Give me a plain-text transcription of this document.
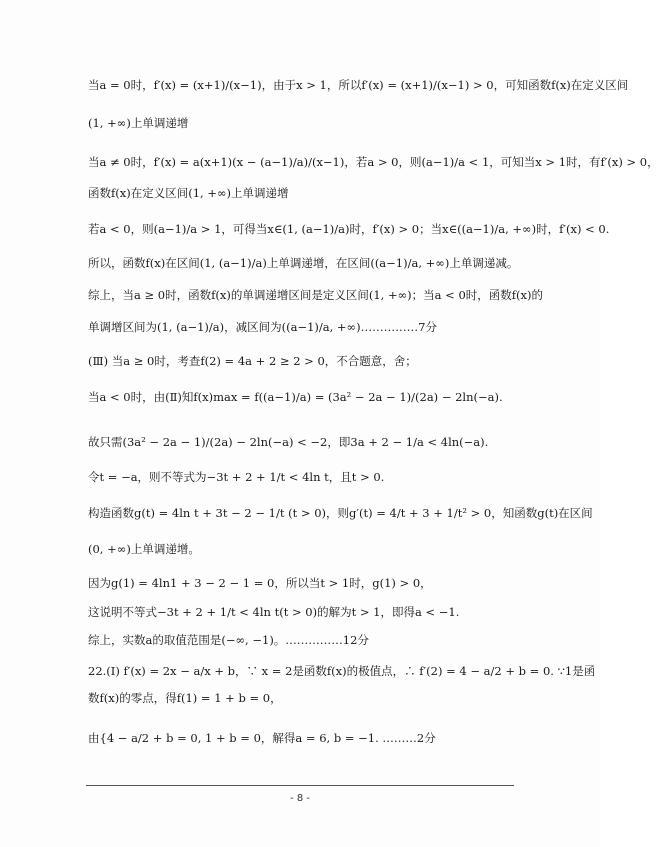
当a = 0时，f′(x) = (x+1)/(x−1)，由于x > 1，所以f′(x) = (x+1)/(x−1) > 0，可知函数f(x)在定义区间
(1, +∞)上单调递增
当a ≠ 0时，f′(x) = a(x+1)(x − (a−1)/a)/(x−1)，若a > 0，则(a−1)/a < 1，可知当x > 1时，有f′(x) > 0，
函数f(x)在定义区间(1, +∞)上单调递增
若a < 0，则(a−1)/a > 1，可得当x∈(1, (a−1)/a)时，f′(x) > 0；当x∈((a−1)/a, +∞)时，f′(x) < 0.
所以，函数f(x)在区间(1, (a−1)/a)上单调递增，在区间((a−1)/a, +∞)上单调递减。
综上，当a ≥ 0时，函数f(x)的单调递增区间是定义区间(1, +∞)；当a < 0时，函数f(x)的
单调增区间为(1, (a−1)/a)，减区间为((a−1)/a, +∞)……………7分
(Ⅲ) 当a ≥ 0时，考查f(2) = 4a + 2 ≥ 2 > 0，不合题意，舍；
当a < 0时，由(Ⅱ)知f(x)max = f((a−1)/a) = (3a² − 2a − 1)/(2a) − 2ln(−a).
故只需(3a² − 2a − 1)/(2a) − 2ln(−a) < −2，即3a + 2 − 1/a < 4ln(−a).
令t = −a，则不等式为−3t + 2 + 1/t < 4ln t，且t > 0.
构造函数g(t) = 4ln t + 3t − 2 − 1/t (t > 0)，则g′(t) = 4/t + 3 + 1/t² > 0，知函数g(t)在区间
(0, +∞)上单调递增。
因为g(1) = 4ln1 + 3 − 2 − 1 = 0，所以当t > 1时，g(1) > 0，
这说明不等式−3t + 2 + 1/t < 4ln t(t > 0)的解为t > 1，即得a < −1.
综上，实数a的取值范围是(−∞, −1)。……………12分
22.(Ⅰ) f′(x) = 2x − a/x + b，∵ x = 2是函数f(x)的极值点，∴ f′(2) = 4 − a/2 + b = 0. ∵1是函
数f(x)的零点，得f(1) = 1 + b = 0，
由{4 − a/2 + b = 0, 1 + b = 0，解得a = 6, b = −1. ………2分
- 8 -
